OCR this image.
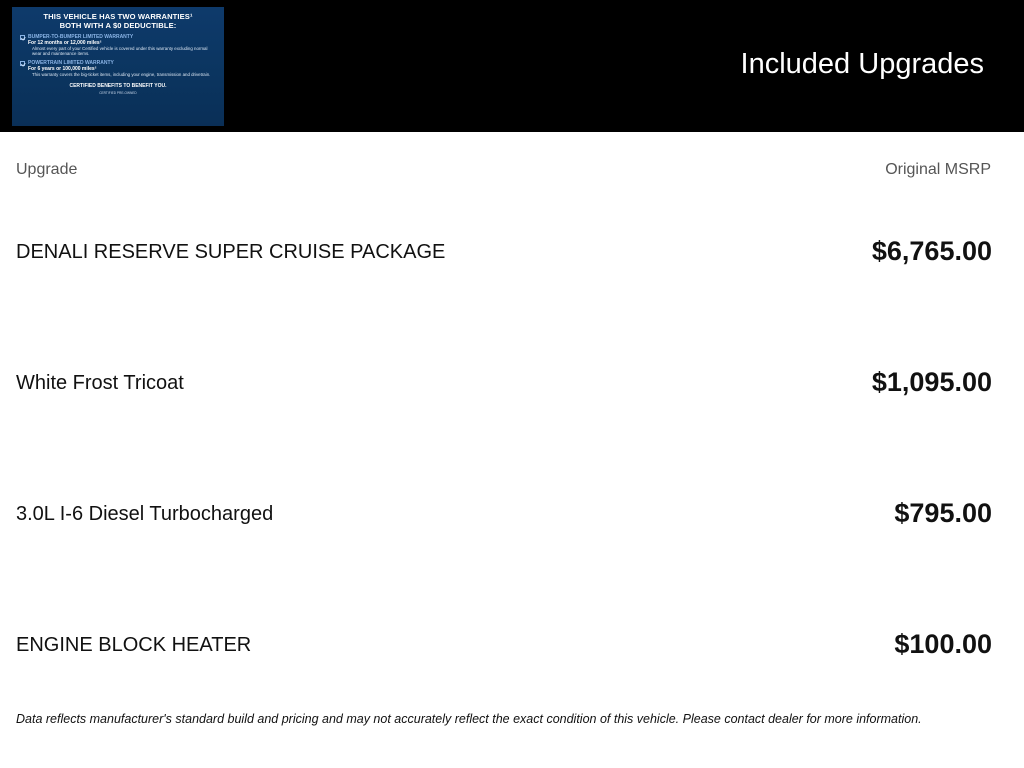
THIS VEHICLE HAS TWO WARRANTIES¹
BOTH WITH A $0 DEDUCTIBLE:
BUMPER-TO-BUMPER LIMITED WARRANTY
For 12 months or 12,000 miles²
Almost every part of your Certified vehicle is covered under this warranty excluding normal wear and maintenance items.
POWERTRAIN LIMITED WARRANTY
For 6 years or 100,000 miles²
This warranty covers the big-ticket items, including your engine, transmission and drivetrain.
CERTIFIED BENEFITS TO BENEFIT YOU.
CERTIFIED PRE-OWNED
Included Upgrades
Upgrade	Original MSRP
DENALI RESERVE SUPER CRUISE PACKAGE	$6,765.00
White Frost Tricoat	$1,095.00
3.0L I-6 Diesel Turbocharged	$795.00
ENGINE BLOCK HEATER	$100.00
Data reflects manufacturer's standard build and pricing and may not accurately reflect the exact condition of this vehicle. Please contact dealer for more information.
